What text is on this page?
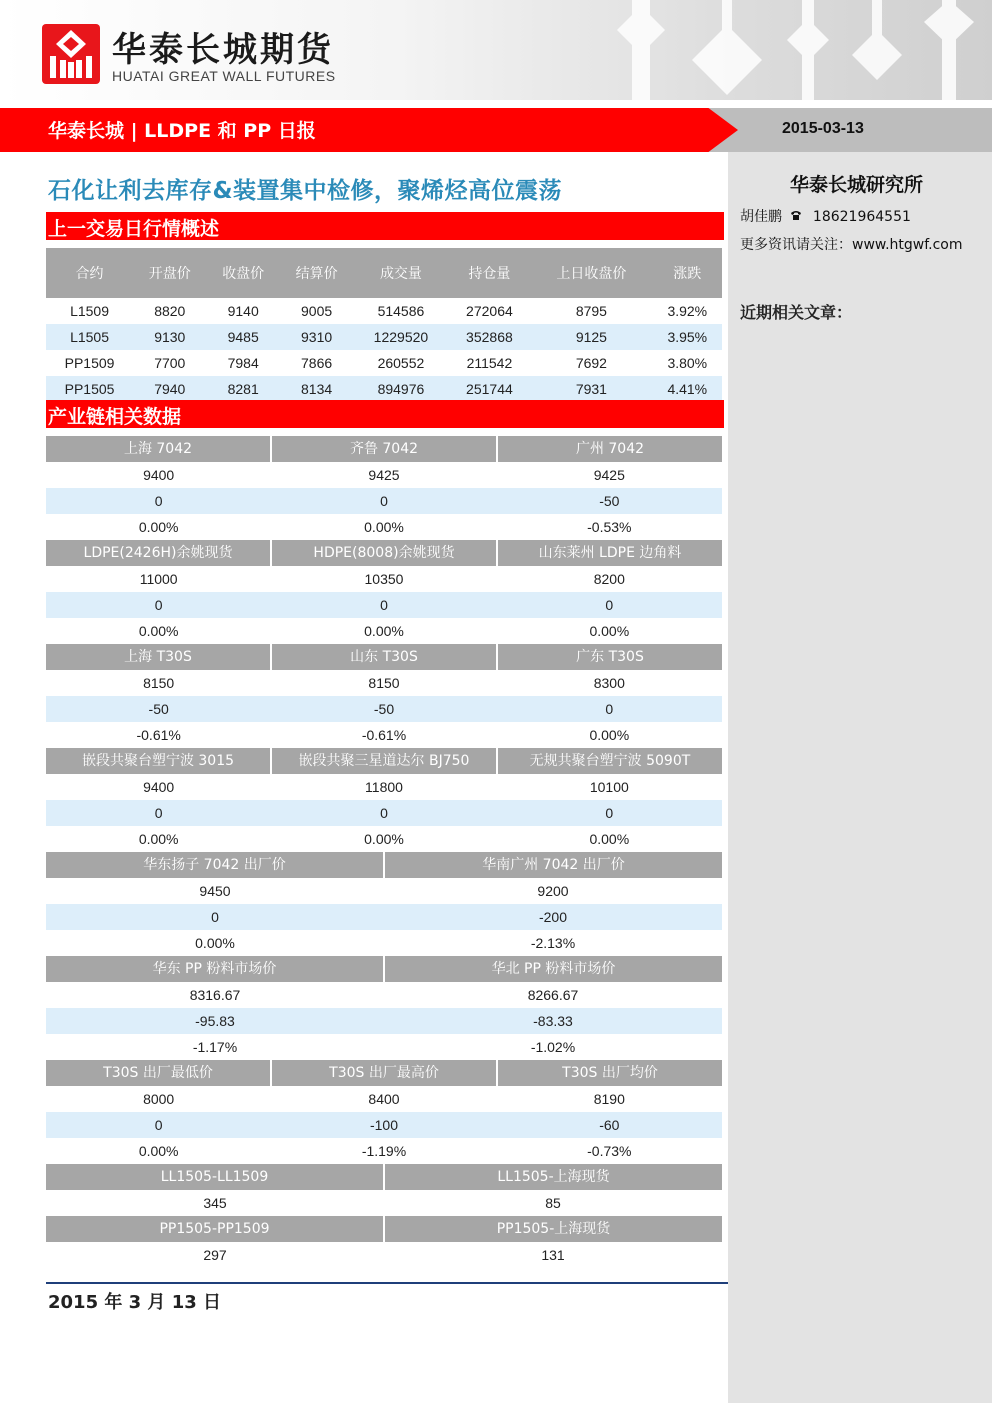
华泰长城期货
HUATAI GREAT WALL FUTURES
华泰长城 | LLDPE 和 PP 日报	2015-03-13
华泰长城研究所
胡佳鹏 18621964551
更多资讯请关注：www.htgwf.com
近期相关文章：
石化让利去库存&装置集中检修，聚烯烃高位震荡
上一交易日行情概述
合约	开盘价	收盘价	结算价	成交量	持仓量	上日收盘价	涨跌
L1509	8820	9140	9005	514586	272064	8795	3.92%
L1505	9130	9485	9310	1229520	352868	9125	3.95%
PP1509	7700	7984	7866	260552	211542	7692	3.80%
PP1505	7940	8281	8134	894976	251744	7931	4.41%
产业链相关数据
上海 7042	齐鲁 7042	广州 7042
9400	9425	9425
0	0	-50
0.00%	0.00%	-0.53%
LDPE(2426H)余姚现货	HDPE(8008)余姚现货	山东莱州 LDPE 边角料
11000	10350	8200
0	0	0
0.00%	0.00%	0.00%
上海 T30S	山东 T30S	广东 T30S
8150	8150	8300
-50	-50	0
-0.61%	-0.61%	0.00%
嵌段共聚台塑宁波 3015	嵌段共聚三星道达尔 BJ750	无规共聚台塑宁波 5090T
9400	11800	10100
0	0	0
0.00%	0.00%	0.00%
华东扬子 7042 出厂价	华南广州 7042 出厂价
9450	9200
0	-200
0.00%	-2.13%
华东 PP 粉料市场价	华北 PP 粉料市场价
8316.67	8266.67
-95.83	-83.33
-1.17%	-1.02%
T30S 出厂最低价	T30S 出厂最高价	T30S 出厂均价
8000	8400	8190
0	-100	-60
0.00%	-1.19%	-0.73%
LL1505-LL1509	LL1505-上海现货
345	85
PP1505-PP1509	PP1505-上海现货
297	131
2015 年 3 月 13 日
